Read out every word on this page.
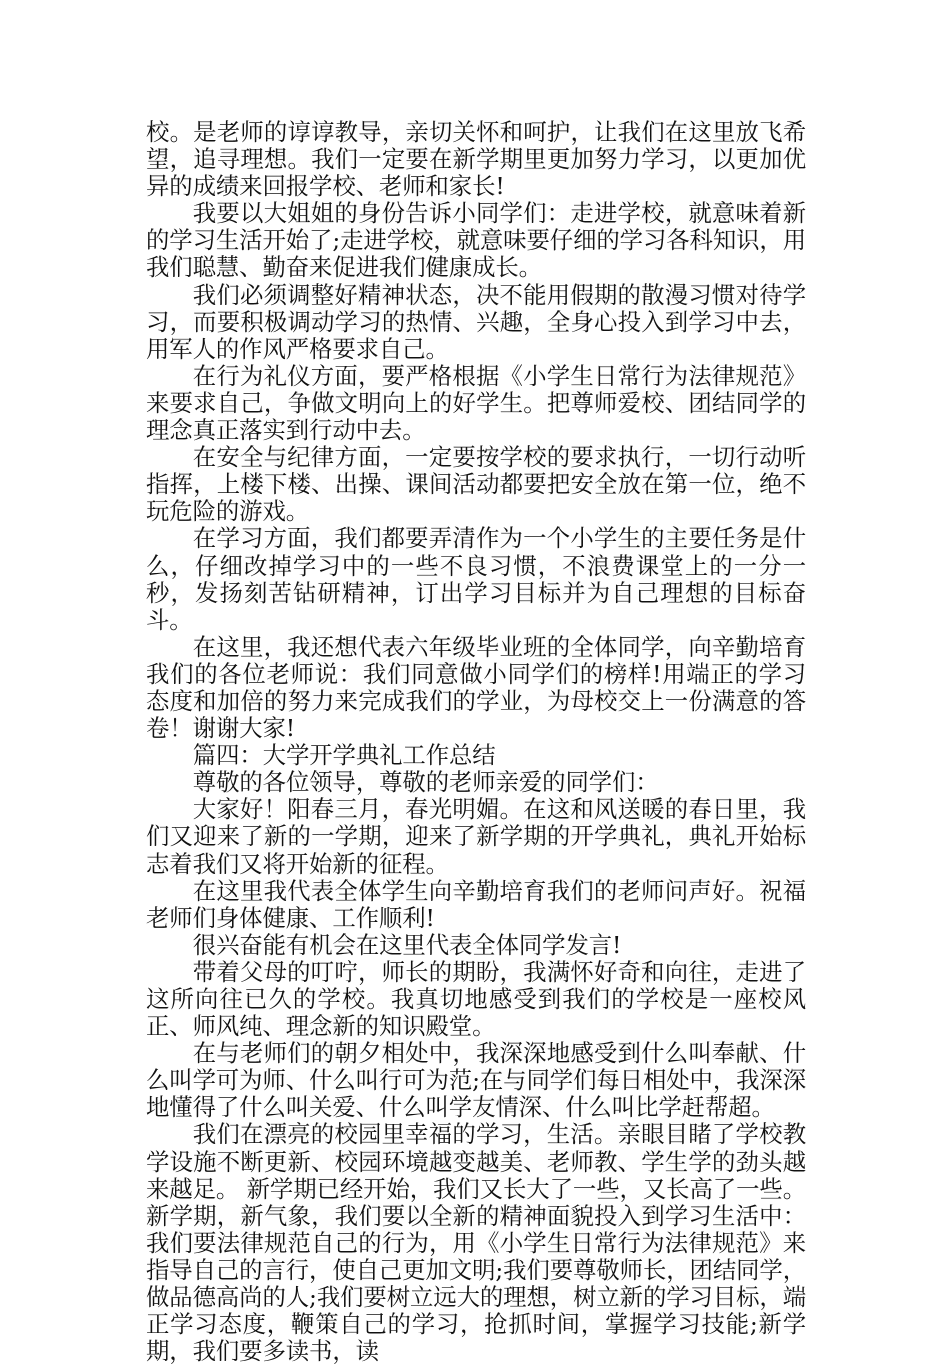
校。是老师的谆谆教导，亲切关怀和呵护，让我们在这里放飞希望，追寻理想。我们一定要在新学期里更加努力学习，以更加优异的成绩来回报学校、老师和家长!

我要以大姐姐的身份告诉小同学们：走进学校，就意味着新的学习生活开始了;走进学校，就意味要仔细的学习各科知识，用我们聪慧、勤奋来促进我们健康成长。

我们必须调整好精神状态，决不能用假期的散漫习惯对待学习，而要积极调动学习的热情、兴趣，全身心投入到学习中去，用军人的作风严格要求自己。

在行为礼仪方面，要严格根据《小学生日常行为法律规范》来要求自己，争做文明向上的好学生。把尊师爱校、团结同学的理念真正落实到行动中去。

在安全与纪律方面，一定要按学校的要求执行，一切行动听指挥，上楼下楼、出操、课间活动都要把安全放在第一位，绝不玩危险的游戏。

在学习方面，我们都要弄清作为一个小学生的主要任务是什么，仔细改掉学习中的一些不良习惯，不浪费课堂上的一分一秒，发扬刻苦钻研精神，订出学习目标并为自己理想的目标奋斗。

在这里，我还想代表六年级毕业班的全体同学，向辛勤培育我们的各位老师说：我们同意做小同学们的榜样!用端正的学习态度和加倍的努力来完成我们的学业，为母校交上一份满意的答卷！谢谢大家!

篇四：大学开学典礼工作总结

尊敬的各位领导，尊敬的老师亲爱的同学们：

大家好！阳春三月，春光明媚。在这和风送暖的春日里，我们又迎来了新的一学期，迎来了新学期的开学典礼，典礼开始标志着我们又将开始新的征程。

在这里我代表全体学生向辛勤培育我们的老师问声好。祝福老师们身体健康、工作顺利!

很兴奋能有机会在这里代表全体同学发言!

带着父母的叮咛，师长的期盼，我满怀好奇和向往，走进了这所向往已久的学校。我真切地感受到我们的学校是一座校风正、师风纯、理念新的知识殿堂。

在与老师们的朝夕相处中，我深深地感受到什么叫奉献、什么叫学可为师、什么叫行可为范;在与同学们每日相处中，我深深地懂得了什么叫关爱、什么叫学友情深、什么叫比学赶帮超。

我们在漂亮的校园里幸福的学习，生活。亲眼目睹了学校教学设施不断更新、校园环境越变越美、老师教、学生学的劲头越来越足。 新学期已经开始，我们又长大了一些，又长高了一些。新学期，新气象，我们要以全新的精神面貌投入到学习生活中：我们要法律规范自己的行为，用《小学生日常行为法律规范》来指导自己的言行，使自己更加文明;我们要尊敬师长，团结同学，做品德高尚的人;我们要树立远大的理想，树立新的学习目标，端正学习态度，鞭策自己的学习，抢抓时间，掌握学习技能;新学期，我们要多读书，读
